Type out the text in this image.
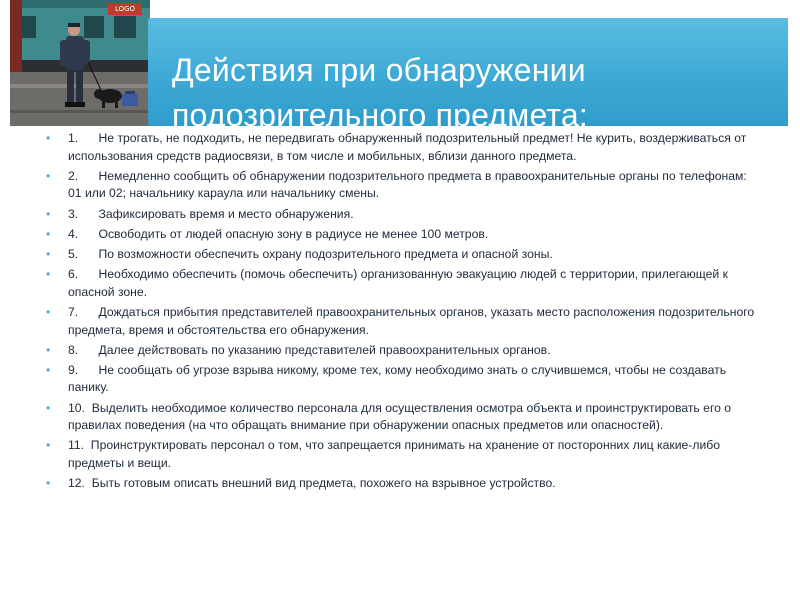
LOGO
Действия при обнаружении
подозрительного предмета:
• 1.      Не трогать, не подходить, не передвигать обнаруженный подозрительный предмет! Не курить, воздерживаться от использования средств радиосвязи, в том числе и мобильных, вблизи данного предмета.
• 2.      Немедленно сообщить об обнаружении подозрительного предмета в правоохранительные органы по телефонам: 01 или 02; начальнику караула или начальнику смены.
• 3.      Зафиксировать время и место обнаружения.
• 4.      Освободить от людей опасную зону в радиусе не менее 100 метров.
• 5.      По возможности обеспечить охрану подозрительного предмета и опасной зоны.
• 6.      Необходимо обеспечить (помочь обеспечить) организованную эвакуацию людей с территории, прилегающей к опасной зоне.
• 7.      Дождаться прибытия представителей правоохранительных органов, указать место расположения подозрительного предмета, время и обстоятельства его обнаружения.
• 8.      Далее действовать по указанию представителей правоохранительных органов.
• 9.      Не сообщать об угрозе взрыва никому, кроме тех, кому необходимо знать о случившемся, чтобы не создавать панику.
• 10.  Выделить необходимое количество персонала для осуществления осмотра объекта и проинструктировать его о правилах поведения (на что обращать внимание при обнаружении опасных предметов или опасностей).
• 11.  Проинструктировать персонал о том, что запрещается принимать на хранение от посторонних лиц какие-либо предметы и вещи.
• 12.  Быть готовым описать внешний вид предмета, похожего на взрывное устройство.
